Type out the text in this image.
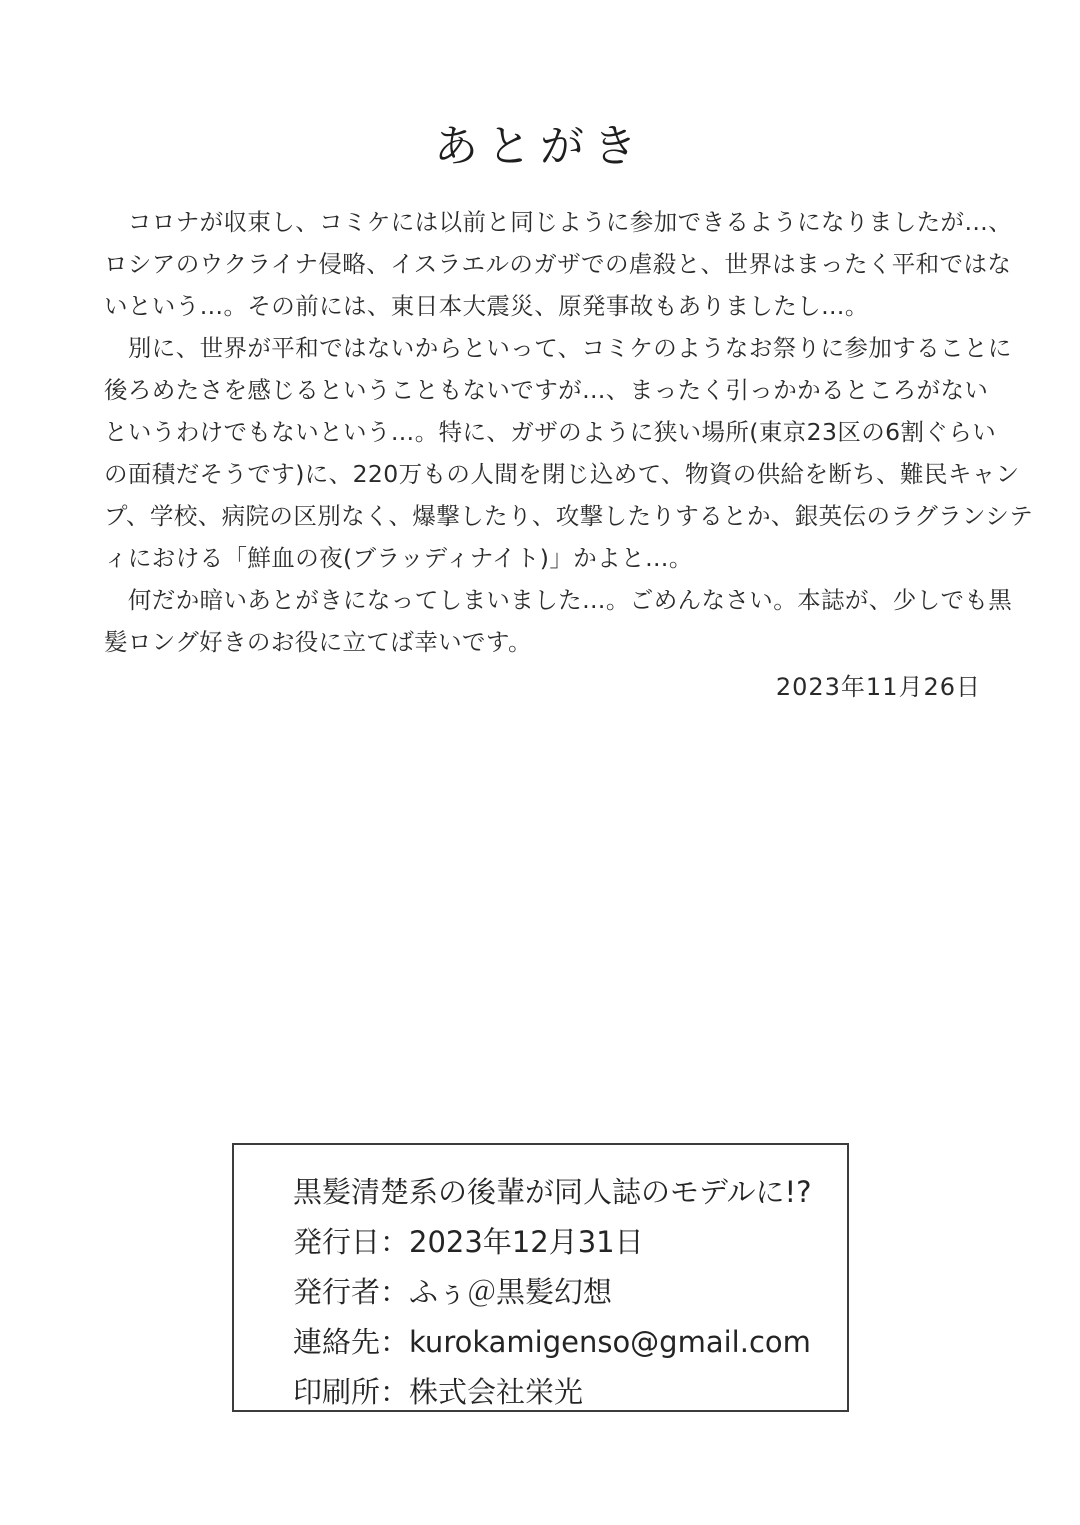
あとがき
　コロナが収束し、コミケには以前と同じように参加できるようになりましたが…、
ロシアのウクライナ侵略、イスラエルのガザでの虐殺と、世界はまったく平和ではな
いという…。その前には、東日本大震災、原発事故もありましたし…。
　別に、世界が平和ではないからといって、コミケのようなお祭りに参加することに
後ろめたさを感じるということもないですが…、まったく引っかかるところがない
というわけでもないという…。特に、ガザのように狭い場所(東京23区の6割ぐらい
の面積だそうです)に、220万もの人間を閉じ込めて、物資の供給を断ち、難民キャン
プ、学校、病院の区別なく、爆撃したり、攻撃したりするとか、銀英伝のラグランシテ
ィにおける「鮮血の夜(ブラッディナイト)」かよと…。
　何だか暗いあとがきになってしまいました…。ごめんなさい。本誌が、少しでも黒
髪ロング好きのお役に立てば幸いです。
2023年11月26日
黒髪清楚系の後輩が同人誌のモデルに!?
発行日：2023年12月31日
発行者：ふぅ＠黒髪幻想
連絡先：kurokamigenso@gmail.com
印刷所：株式会社栄光
